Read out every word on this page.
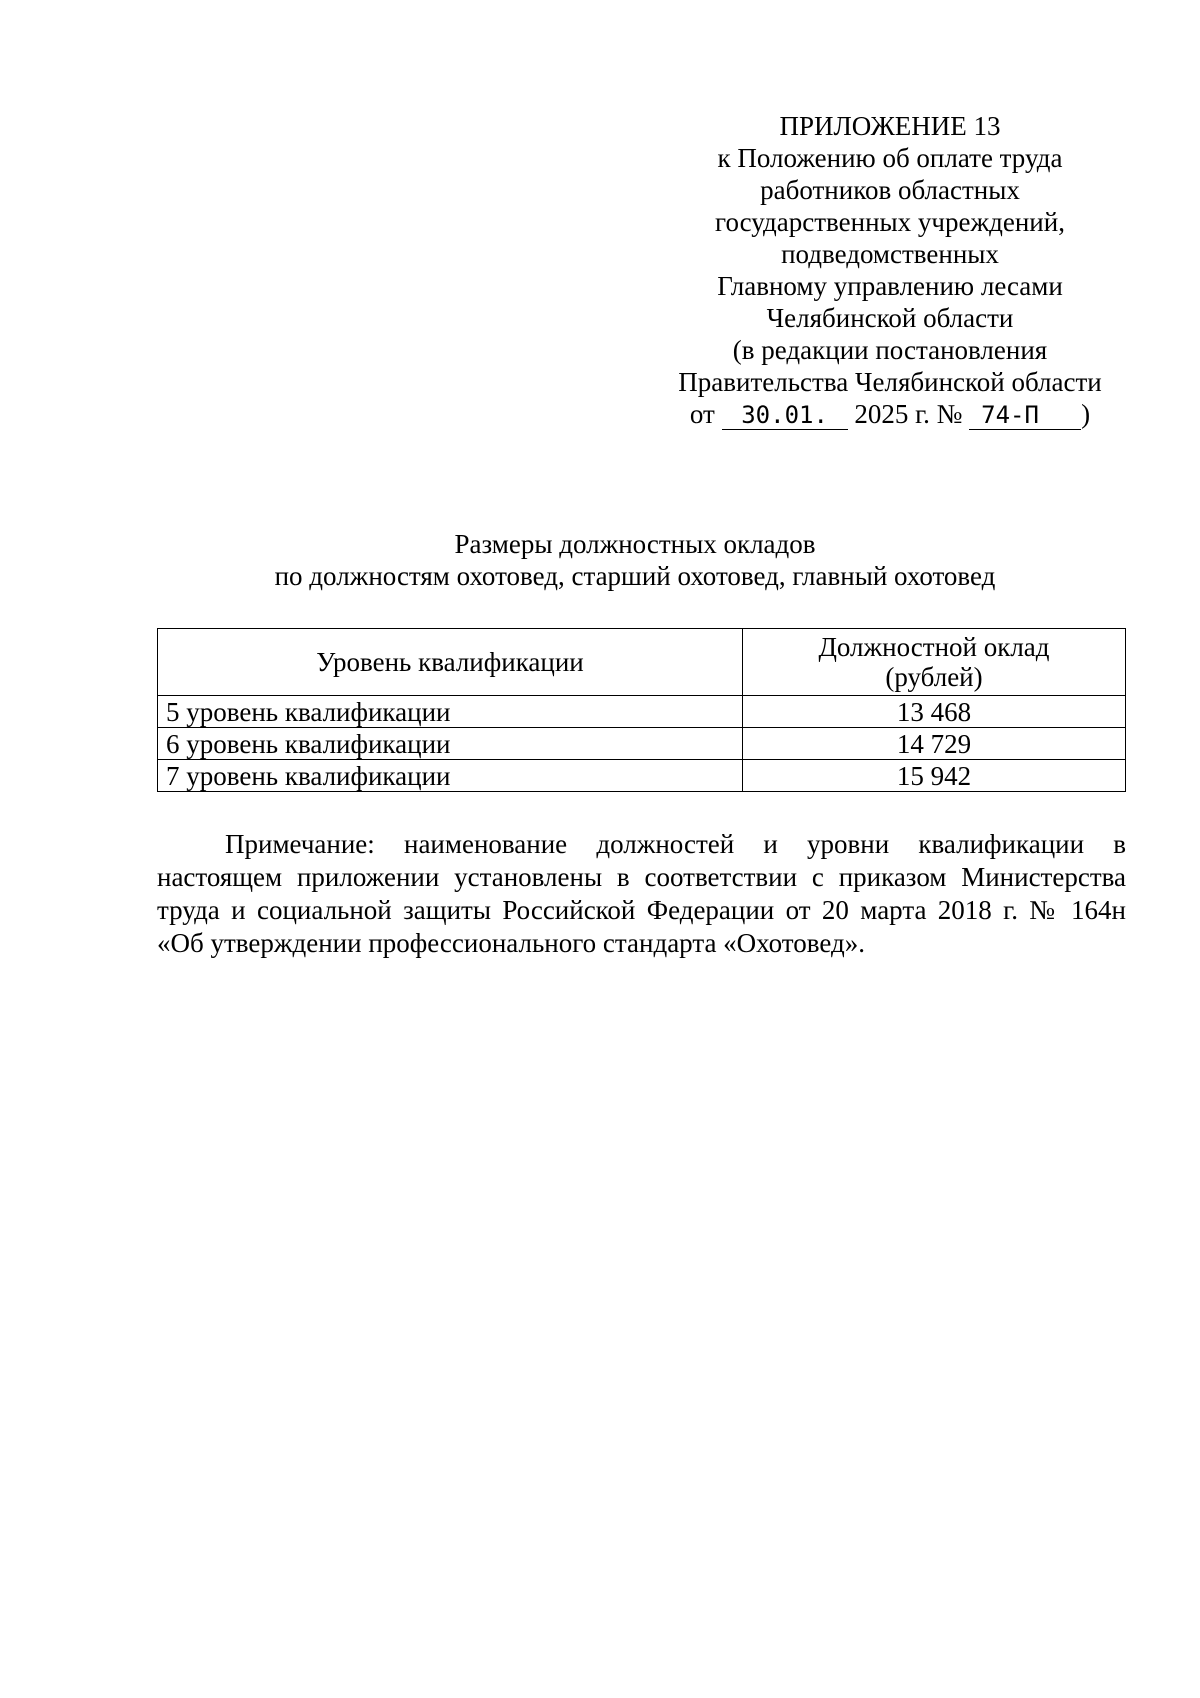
ПРИЛОЖЕНИЕ 13
к Положению об оплате труда
работников областных
государственных учреждений,
подведомственных
Главному управлению лесами
Челябинской области
(в редакции постановления
Правительства Челябинской области
от 30.01. 2025 г. № 74-П )
Размеры должностных окладов
по должностям охотовед, старший охотовед, главный охотовед
Уровень квалификации	Должностной оклад
(рублей)

5 уровень квалификации	13 468
6 уровень квалификации	14 729
7 уровень квалификации	15 942
Примечание: наименование должностей и уровни квалификации в
настоящем приложении установлены в соответствии с приказом Министерства
труда и социальной защиты Российской Федерации от 20 марта 2018 г. № 164н
«Об утверждении профессионального стандарта «Охотовед».
